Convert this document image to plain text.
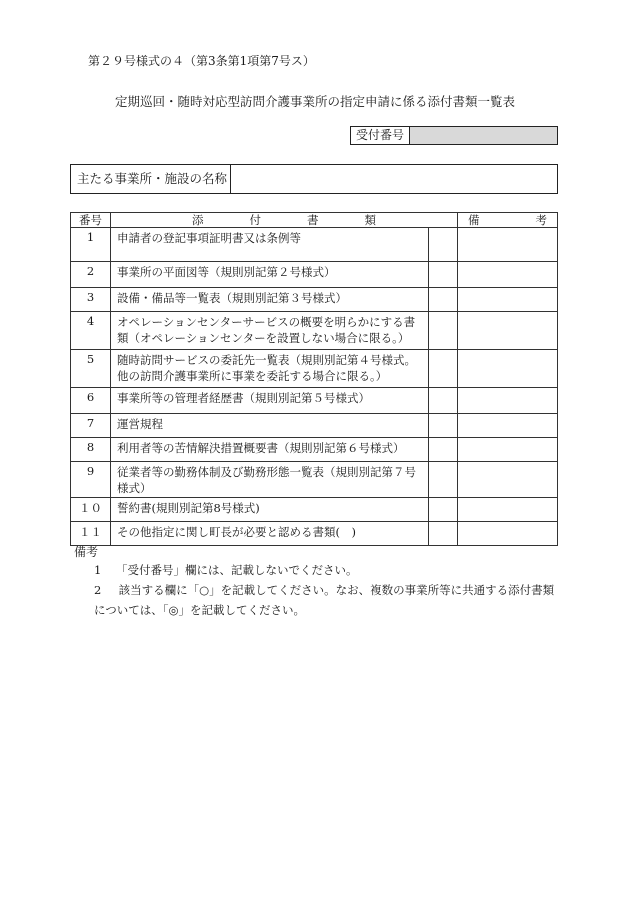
第２９号様式の４（第3条第1項第7号ス）
定期巡回・随時対応型訪問介護事業所の指定申請に係る添付書類一覧表
受付番号
主たる事業所・施設の名称
番号	添付書類		備考
1	申請者の登記事項証明書又は条例等		
2	事業所の平面図等（規則別記第２号様式）		
3	設備・備品等一覧表（規則別記第３号様式）		
4	オペレーションセンターサービスの概要を明らかにする書類（オペレーションセンターを設置しない場合に限る。）		
5	随時訪問サービスの委託先一覧表（規則別記第４号様式。他の訪問介護事業所に事業を委託する場合に限る。）		
6	事業所等の管理者経歴書（規則別記第５号様式）		
7	運営規程		
8	利用者等の苦情解決措置概要書（規則別記第６号様式）		
9	従業者等の勤務体制及び勤務形態一覧表（規則別記第７号様式）		
１０	誓約書(規則別記第8号様式)		
１１	その他指定に関し町長が必要と認める書類(　)		
備考
1 「受付番号」欄には、記載しないでください。
2 該当する欄に「○」を記載してください。なお、複数の事業所等に共通する添付書類については、「◎」を記載してください。
